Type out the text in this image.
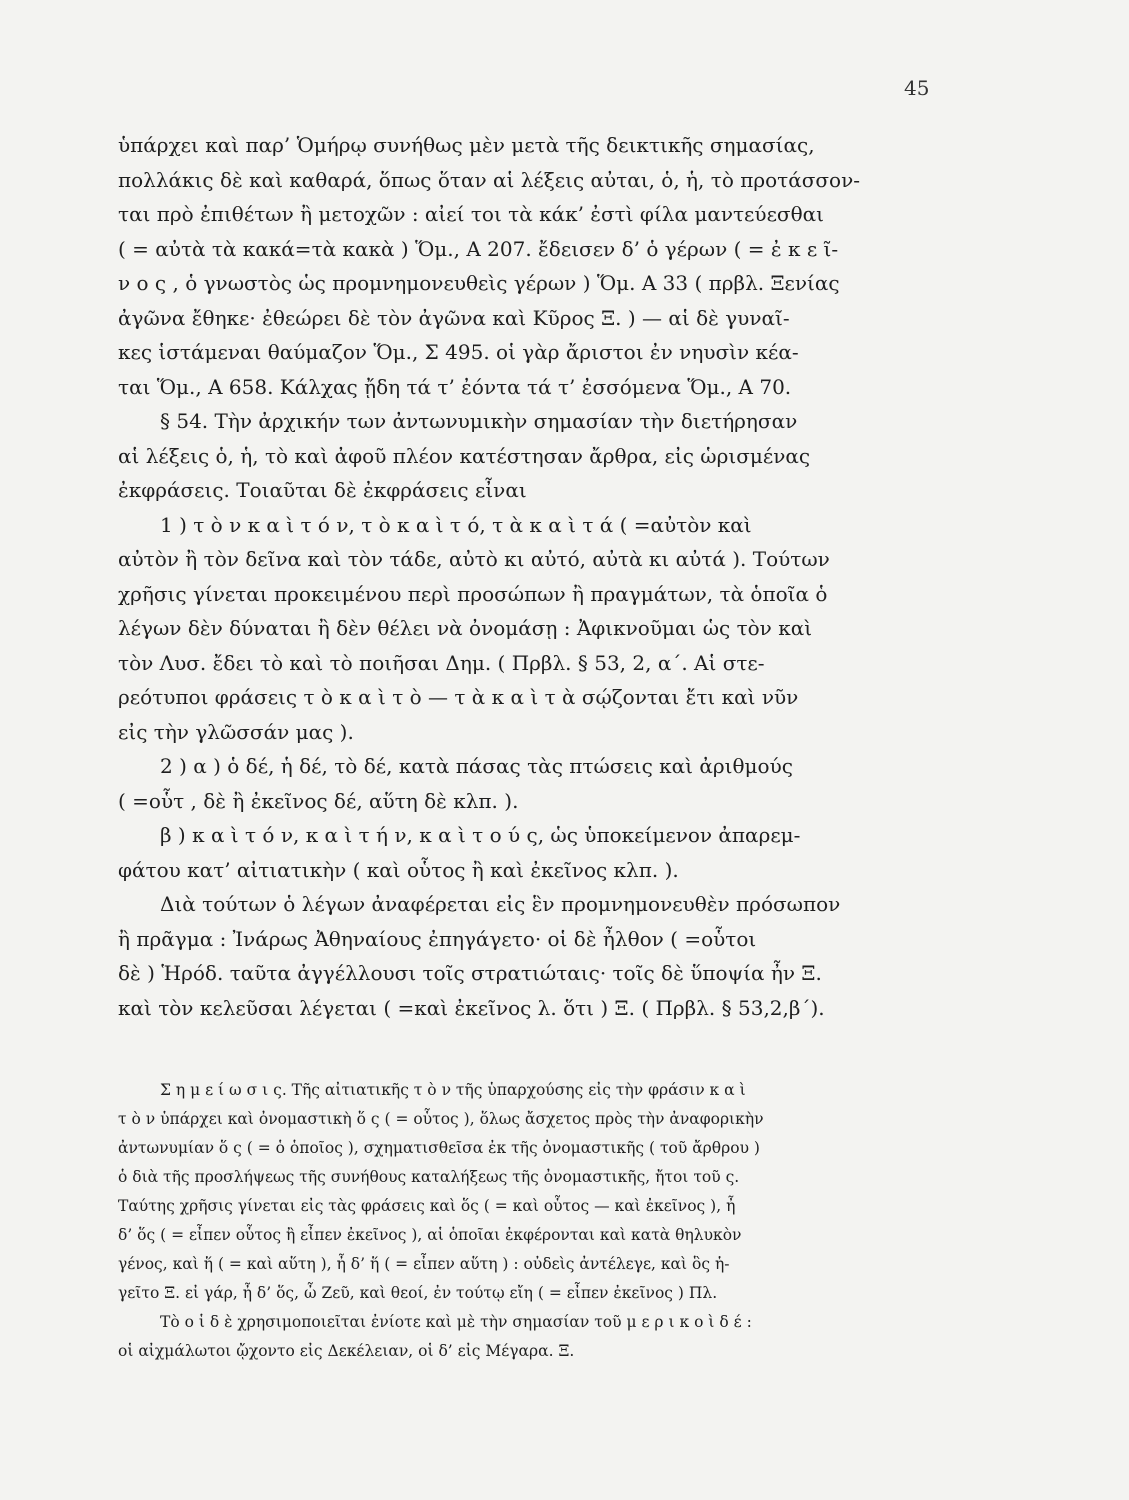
45

ὑπάρχει καὶ παρ’ Ὁμήρῳ συνήθως μὲν μετὰ τῆς δεικτικῆς σημασίας,

πολλάκις δὲ καὶ καθαρά, ὅπως ὅταν αἱ λέξεις αὐται, ὁ, ἡ, τὸ προτάσσον-

ται πρὸ ἐπιθέτων ἢ μετοχῶν : αἰεί τοι τὰ κάκ’ ἐστὶ φίλα μαντεύεσθαι

( = αὐτὰ τὰ κακά=τὰ κακὰ ) Ὅμ., Α 207. ἔδεισεν δ’ ὁ γέρων ( = ἐ κ ε ῖ-

ν ο ς , ὁ γνωστὸς ὡς προμνημονευθεὶς γέρων ) Ὅμ. Α 33 ( πρβλ. Ξενίας

ἀγῶνα ἔθηκε· ἐθεώρει δὲ τὸν ἀγῶνα καὶ Κῦρος Ξ. ) — αἱ δὲ γυναῖ-

κες ἱστάμεναι θαύμαζον Ὅμ., Σ 495. οἱ γὰρ ἄριστοι ἐν νηυσὶν κέα-

ται Ὅμ., Α 658. Κάλχας ᾔδη τά τ’ ἐόντα τά τ’ ἐσσόμενα Ὅμ., Α 70.

§ 54. Τὴν ἀρχικήν των ἀντωνυμικὴν σημασίαν τὴν διετήρησαν

αἱ λέξεις ὁ, ἡ, τὸ καὶ ἀφοῦ πλέον κατέστησαν ἄρθρα, εἰς ὡρισμένας

ἐκφράσεις. Τοιαῦται δὲ ἐκφράσεις εἶναι

1 ) τ ὸ ν κ α ὶ τ ό ν, τ ὸ κ α ὶ τ ό, τ ὰ κ α ὶ τ ά ( =αὐτὸν καὶ

αὐτὸν ἢ τὸν δεῖνα καὶ τὸν τάδε, αὐτὸ κι αὐτό, αὐτὰ κι αὐτά ). Τούτων

χρῆσις γίνεται προκειμένου περὶ προσώπων ἢ πραγμάτων, τὰ ὁποῖα ὁ

λέγων δὲν δύναται ἢ δὲν θέλει νὰ ὀνομάσῃ : Ἀφικνοῦμαι ὡς τὸν καὶ

τὸν Λυσ. ἔδει τὸ καὶ τὸ ποιῆσαι Δημ. ( Πρβλ. § 53, 2, α΄. Αἱ στε-

ρεότυποι φράσεις τ ὸ κ α ὶ τ ὸ — τ ὰ κ α ὶ τ ὰ σῴζονται ἔτι καὶ νῦν

εἰς τὴν γλῶσσάν μας ).

2 ) α ) ὁ δέ, ἡ δέ, τὸ δέ, κατὰ πάσας τὰς πτώσεις καὶ ἀριθμούς

( =οὗτ , δὲ ἢ ἐκεῖνος δέ, αὕτη δὲ κλπ. ).

β ) κ α ὶ τ ό ν, κ α ὶ τ ή ν, κ α ὶ τ ο ύ ς, ὡς ὑποκείμενον ἀπαρεμ-

φάτου κατ’ αἰτιατικὴν ( καὶ οὗτος ἢ καὶ ἐκεῖνος κλπ. ).

Διὰ τούτων ὁ λέγων ἀναφέρεται εἰς ἓν προμνημονευθὲν πρόσωπον

ἢ πρᾶγμα : Ἰνάρως Ἀθηναίους ἐπηγάγετο· οἱ δὲ ἦλθον ( =οὗτοι

δὲ ) Ἡρόδ. ταῦτα ἀγγέλλουσι τοῖς στρατιώταις· τοῖς δὲ ὕποψία ἦν Ξ.

καὶ τὸν κελεῦσαι λέγεται ( =καὶ ἐκεῖνος λ. ὅτι ) Ξ. ( Πρβλ. § 53,2,β΄).

Σ η μ ε ί ω σ ι ς. Τῆς αἰτιατικῆς τ ὸ ν τῆς ὑπαρχούσης εἰς τὴν φράσιν κ α ὶ

τ ὸ ν ὑπάρχει καὶ ὀνομαστικὴ ὅ ς ( = οὗτος ), ὅλως ἄσχετος πρὸς τὴν ἀναφορικὴν

ἀντωνυμίαν ὅ ς ( = ὁ ὁποῖος ), σχηματισθεῖσα ἐκ τῆς ὀνομαστικῆς ( τοῦ ἄρθρου )

ὁ διὰ τῆς προσλήψεως τῆς συνήθους καταλήξεως τῆς ὀνομαστικῆς, ἤτοι τοῦ ς.

Ταύτης χρῆσις γίνεται εἰς τὰς φράσεις καὶ ὅς ( = καὶ οὗτος — καὶ ἐκεῖνος ), ἦ

δ’ ὅς ( = εἶπεν οὗτος ἢ εἶπεν ἐκεῖνος ), αἱ ὁποῖαι ἐκφέρονται καὶ κατὰ θηλυκὸν

γένος, καὶ ἥ ( = καὶ αὕτη ), ἦ δ’ ἥ ( = εἶπεν αὕτη ) : οὐδεὶς ἀντέλεγε, καὶ ὃς ἡ-

γεῖτο Ξ. εἰ γάρ, ἦ δ’ ὅς, ὦ Ζεῦ, καὶ θεοί, ἐν τούτῳ εἴη ( = εἶπεν ἐκεῖνος ) Πλ.

Τὸ ο ἱ δ ὲ χρησιμοποιεῖται ἐνίοτε καὶ μὲ τὴν σημασίαν τοῦ μ ε ρ ι κ ο ὶ δ έ :

οἱ αἰχμάλωτοι ᾤχοντο εἰς Δεκέλειαν, οἱ δ’ εἰς Μέγαρα. Ξ.
